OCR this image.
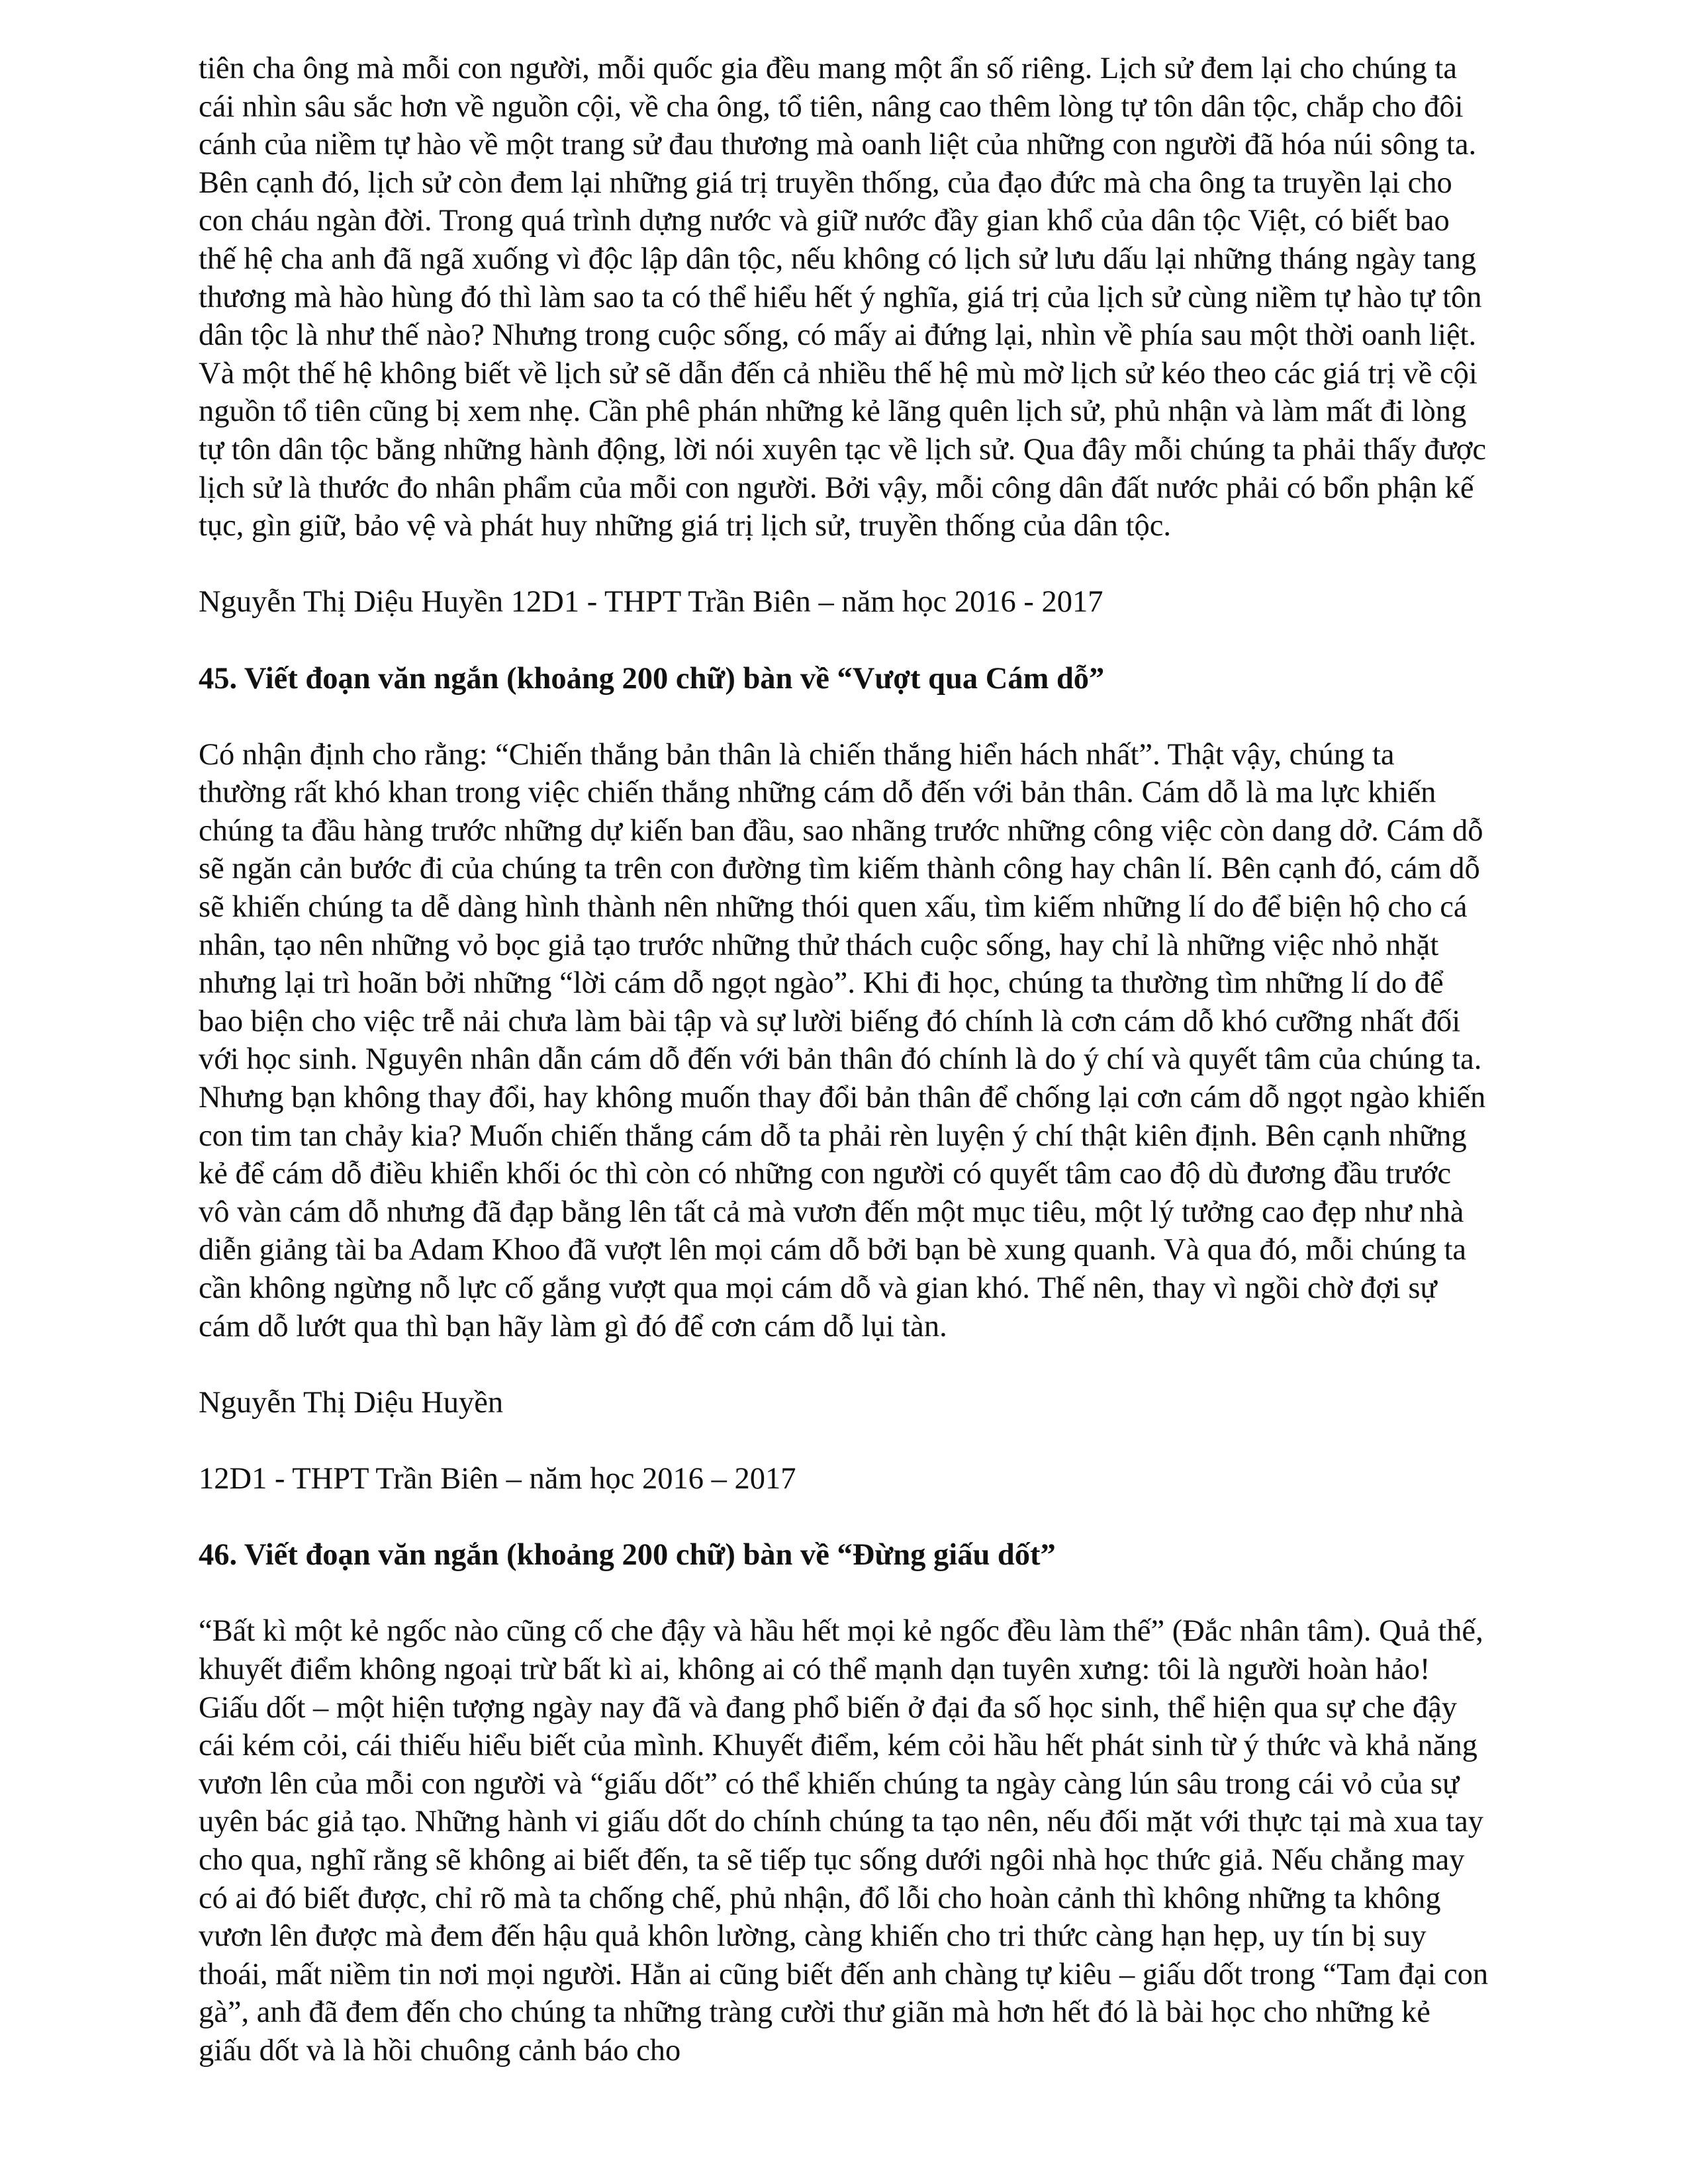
tiên cha ông mà mỗi con người, mỗi quốc gia đều mang một ẩn số riêng. Lịch sử đem lại cho chúng ta cái nhìn sâu sắc hơn về nguồn cội, về cha ông, tổ tiên, nâng cao thêm lòng tự tôn dân tộc, chắp cho đôi cánh của niềm tự hào về một trang sử đau thương mà oanh liệt của những con người đã hóa núi sông ta. Bên cạnh đó, lịch sử còn đem lại những giá trị truyền thống, của đạo đức mà cha ông ta truyền lại cho con cháu ngàn đời. Trong quá trình dựng nước và giữ nước đầy gian khổ của dân tộc Việt, có biết bao thế hệ cha anh đã ngã xuống vì độc lập dân tộc, nếu không có lịch sử lưu dấu lại những tháng ngày tang thương mà hào hùng đó thì làm sao ta có thể hiểu hết ý nghĩa, giá trị của lịch sử cùng niềm tự hào tự tôn dân tộc là như thế nào? Nhưng trong cuộc sống, có mấy ai đứng lại, nhìn về phía sau một thời oanh liệt. Và một thế hệ không biết về lịch sử sẽ dẫn đến cả nhiều thế hệ mù mờ lịch sử kéo theo các giá trị về cội nguồn tổ tiên cũng bị xem nhẹ. Cần phê phán những kẻ lãng quên lịch sử, phủ nhận và làm mất đi lòng tự tôn dân tộc bằng những hành động, lời nói xuyên tạc về lịch sử. Qua đây mỗi chúng ta phải thấy được lịch sử là thước đo nhân phẩm của mỗi con người. Bởi vậy, mỗi công dân đất nước phải có bổn phận kế tục, gìn giữ, bảo vệ và phát huy những giá trị lịch sử, truyền thống của dân tộc.

Nguyễn Thị Diệu Huyền 12D1 - THPT Trần Biên – năm học 2016 - 2017

45. Viết đoạn văn ngắn (khoảng 200 chữ) bàn về “Vượt qua Cám dỗ”

Có nhận định cho rằng: “Chiến thắng bản thân là chiến thắng hiển hách nhất”. Thật vậy, chúng ta thường rất khó khan trong việc chiến thắng những cám dỗ đến với bản thân. Cám dỗ là ma lực khiến chúng ta đầu hàng trước những dự kiến ban đầu, sao nhãng trước những công việc còn dang dở. Cám dỗ sẽ ngăn cản bước đi của chúng ta trên con đường tìm kiếm thành công hay chân lí. Bên cạnh đó, cám dỗ sẽ khiến chúng ta dễ dàng hình thành nên những thói quen xấu, tìm kiếm những lí do để biện hộ cho cá nhân, tạo nên những vỏ bọc giả tạo trước những thử thách cuộc sống, hay chỉ là những việc nhỏ nhặt nhưng lại trì hoãn bởi những “lời cám dỗ ngọt ngào”. Khi đi học, chúng ta thường tìm những lí do để bao biện cho việc trễ nải chưa làm bài tập và sự lười biếng đó chính là cơn cám dỗ khó cưỡng nhất đối với học sinh. Nguyên nhân dẫn cám dỗ đến với bản thân đó chính là do ý chí và quyết tâm của chúng ta. Nhưng bạn không thay đổi, hay không muốn thay đổi bản thân để chống lại cơn cám dỗ ngọt ngào khiến con tim tan chảy kia? Muốn chiến thắng cám dỗ ta phải rèn luyện ý chí thật kiên định. Bên cạnh những kẻ để cám dỗ điều khiển khối óc thì còn có những con người có quyết tâm cao độ dù đương đầu trước vô vàn cám dỗ nhưng đã đạp bằng lên tất cả mà vươn đến một mục tiêu, một lý tưởng cao đẹp như nhà diễn giảng tài ba Adam Khoo đã vượt lên mọi cám dỗ bởi bạn bè xung quanh. Và qua đó, mỗi chúng ta cần không ngừng nỗ lực cố gắng vượt qua mọi cám dỗ và gian khó. Thế nên, thay vì ngồi chờ đợi sự cám dỗ lướt qua thì bạn hãy làm gì đó để cơn cám dỗ lụi tàn.

Nguyễn Thị Diệu Huyền

12D1 - THPT Trần Biên – năm học 2016 – 2017

46. Viết đoạn văn ngắn (khoảng 200 chữ) bàn về “Đừng giấu dốt”

“Bất kì một kẻ ngốc nào cũng cố che đậy và hầu hết mọi kẻ ngốc đều làm thế” (Đắc nhân tâm). Quả thế, khuyết điểm không ngoại trừ bất kì ai, không ai có thể mạnh dạn tuyên xưng: tôi là người hoàn hảo! Giấu dốt – một hiện tượng ngày nay đã và đang phổ biến ở đại đa số học sinh, thể hiện qua sự che đậy cái kém cỏi, cái thiếu hiểu biết của mình. Khuyết điểm, kém cỏi hầu hết phát sinh từ ý thức và khả năng vươn lên của mỗi con người và “giấu dốt” có thể khiến chúng ta ngày càng lún sâu trong cái vỏ của sự uyên bác giả tạo. Những hành vi giấu dốt do chính chúng ta tạo nên, nếu đối mặt với thực tại mà xua tay cho qua, nghĩ rằng sẽ không ai biết đến, ta sẽ tiếp tục sống dưới ngôi nhà học thức giả. Nếu chẳng may có ai đó biết được, chỉ rõ mà ta chống chế, phủ nhận, đổ lỗi cho hoàn cảnh thì không những ta không vươn lên được mà đem đến hậu quả khôn lường, càng khiến cho tri thức càng hạn hẹp, uy tín bị suy thoái, mất niềm tin nơi mọi người. Hẳn ai cũng biết đến anh chàng tự kiêu – giấu dốt trong “Tam đại con gà”, anh đã đem đến cho chúng ta những tràng cười thư giãn mà hơn hết đó là bài học cho những kẻ giấu dốt và là hồi chuông cảnh báo cho
